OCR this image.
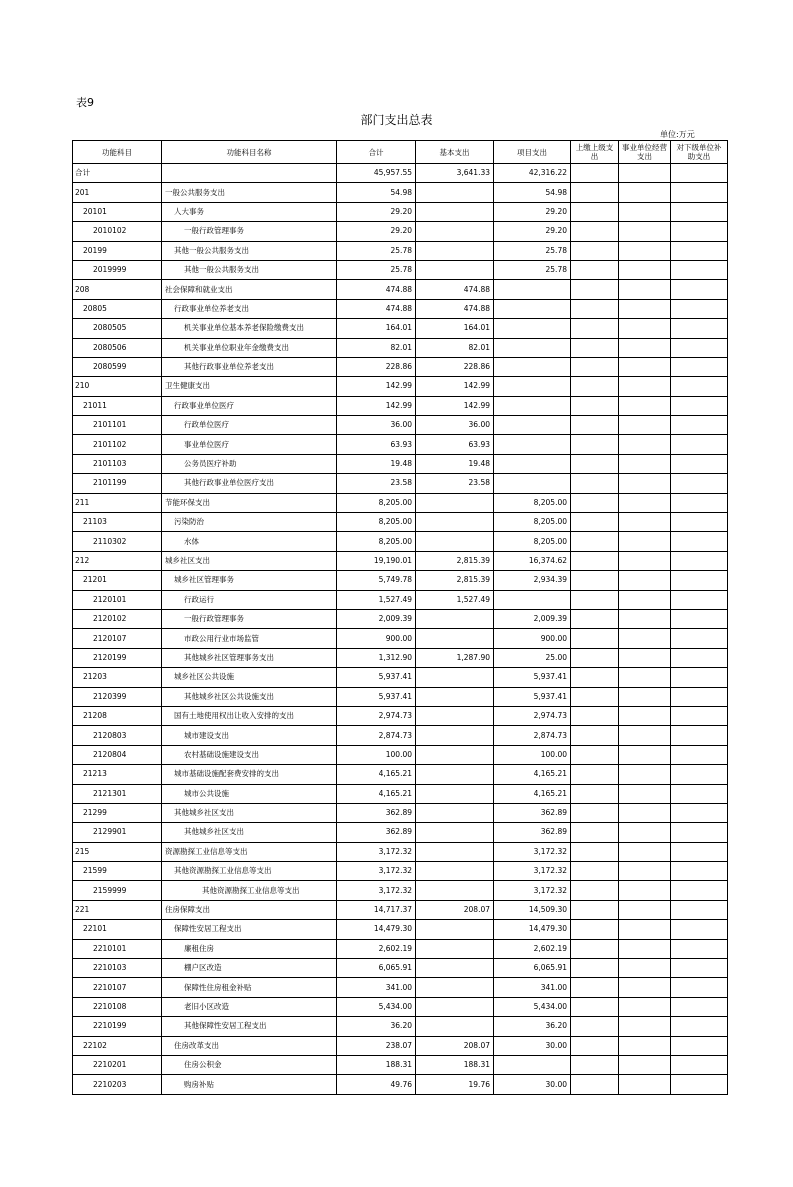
表9
部门支出总表
单位:万元
功能科目	功能科目名称	合计	基本支出	项目支出	上缴上级支出	事业单位经营支出	对下级单位补助支出
合计		45,957.55	3,641.33	42,316.22			
201	一般公共服务支出	54.98		54.98			
20101	人大事务	29.20		29.20			
2010102	一般行政管理事务	29.20		29.20			
20199	其他一般公共服务支出	25.78		25.78			
2019999	其他一般公共服务支出	25.78		25.78			
208	社会保障和就业支出	474.88	474.88				
20805	行政事业单位养老支出	474.88	474.88				
2080505	机关事业单位基本养老保险缴费支出	164.01	164.01				
2080506	机关事业单位职业年金缴费支出	82.01	82.01				
2080599	其他行政事业单位养老支出	228.86	228.86				
210	卫生健康支出	142.99	142.99				
21011	行政事业单位医疗	142.99	142.99				
2101101	行政单位医疗	36.00	36.00				
2101102	事业单位医疗	63.93	63.93				
2101103	公务员医疗补助	19.48	19.48				
2101199	其他行政事业单位医疗支出	23.58	23.58				
211	节能环保支出	8,205.00		8,205.00			
21103	污染防治	8,205.00		8,205.00			
2110302	水体	8,205.00		8,205.00			
212	城乡社区支出	19,190.01	2,815.39	16,374.62			
21201	城乡社区管理事务	5,749.78	2,815.39	2,934.39			
2120101	行政运行	1,527.49	1,527.49				
2120102	一般行政管理事务	2,009.39		2,009.39			
2120107	市政公用行业市场监管	900.00		900.00			
2120199	其他城乡社区管理事务支出	1,312.90	1,287.90	25.00			
21203	城乡社区公共设施	5,937.41		5,937.41			
2120399	其他城乡社区公共设施支出	5,937.41		5,937.41			
21208	国有土地使用权出让收入安排的支出	2,974.73		2,974.73			
2120803	城市建设支出	2,874.73		2,874.73			
2120804	农村基础设施建设支出	100.00		100.00			
21213	城市基础设施配套费安排的支出	4,165.21		4,165.21			
2121301	城市公共设施	4,165.21		4,165.21			
21299	其他城乡社区支出	362.89		362.89			
2129901	其他城乡社区支出	362.89		362.89			
215	资源勘探工业信息等支出	3,172.32		3,172.32			
21599	其他资源勘探工业信息等支出	3,172.32		3,172.32			
2159999	其他资源勘探工业信息等支出	3,172.32		3,172.32			
221	住房保障支出	14,717.37	208.07	14,509.30			
22101	保障性安居工程支出	14,479.30		14,479.30			
2210101	廉租住房	2,602.19		2,602.19			
2210103	棚户区改造	6,065.91		6,065.91			
2210107	保障性住房租金补贴	341.00		341.00			
2210108	老旧小区改造	5,434.00		5,434.00			
2210199	其他保障性安居工程支出	36.20		36.20			
22102	住房改革支出	238.07	208.07	30.00			
2210201	住房公积金	188.31	188.31				
2210203	购房补贴	49.76	19.76	30.00			
